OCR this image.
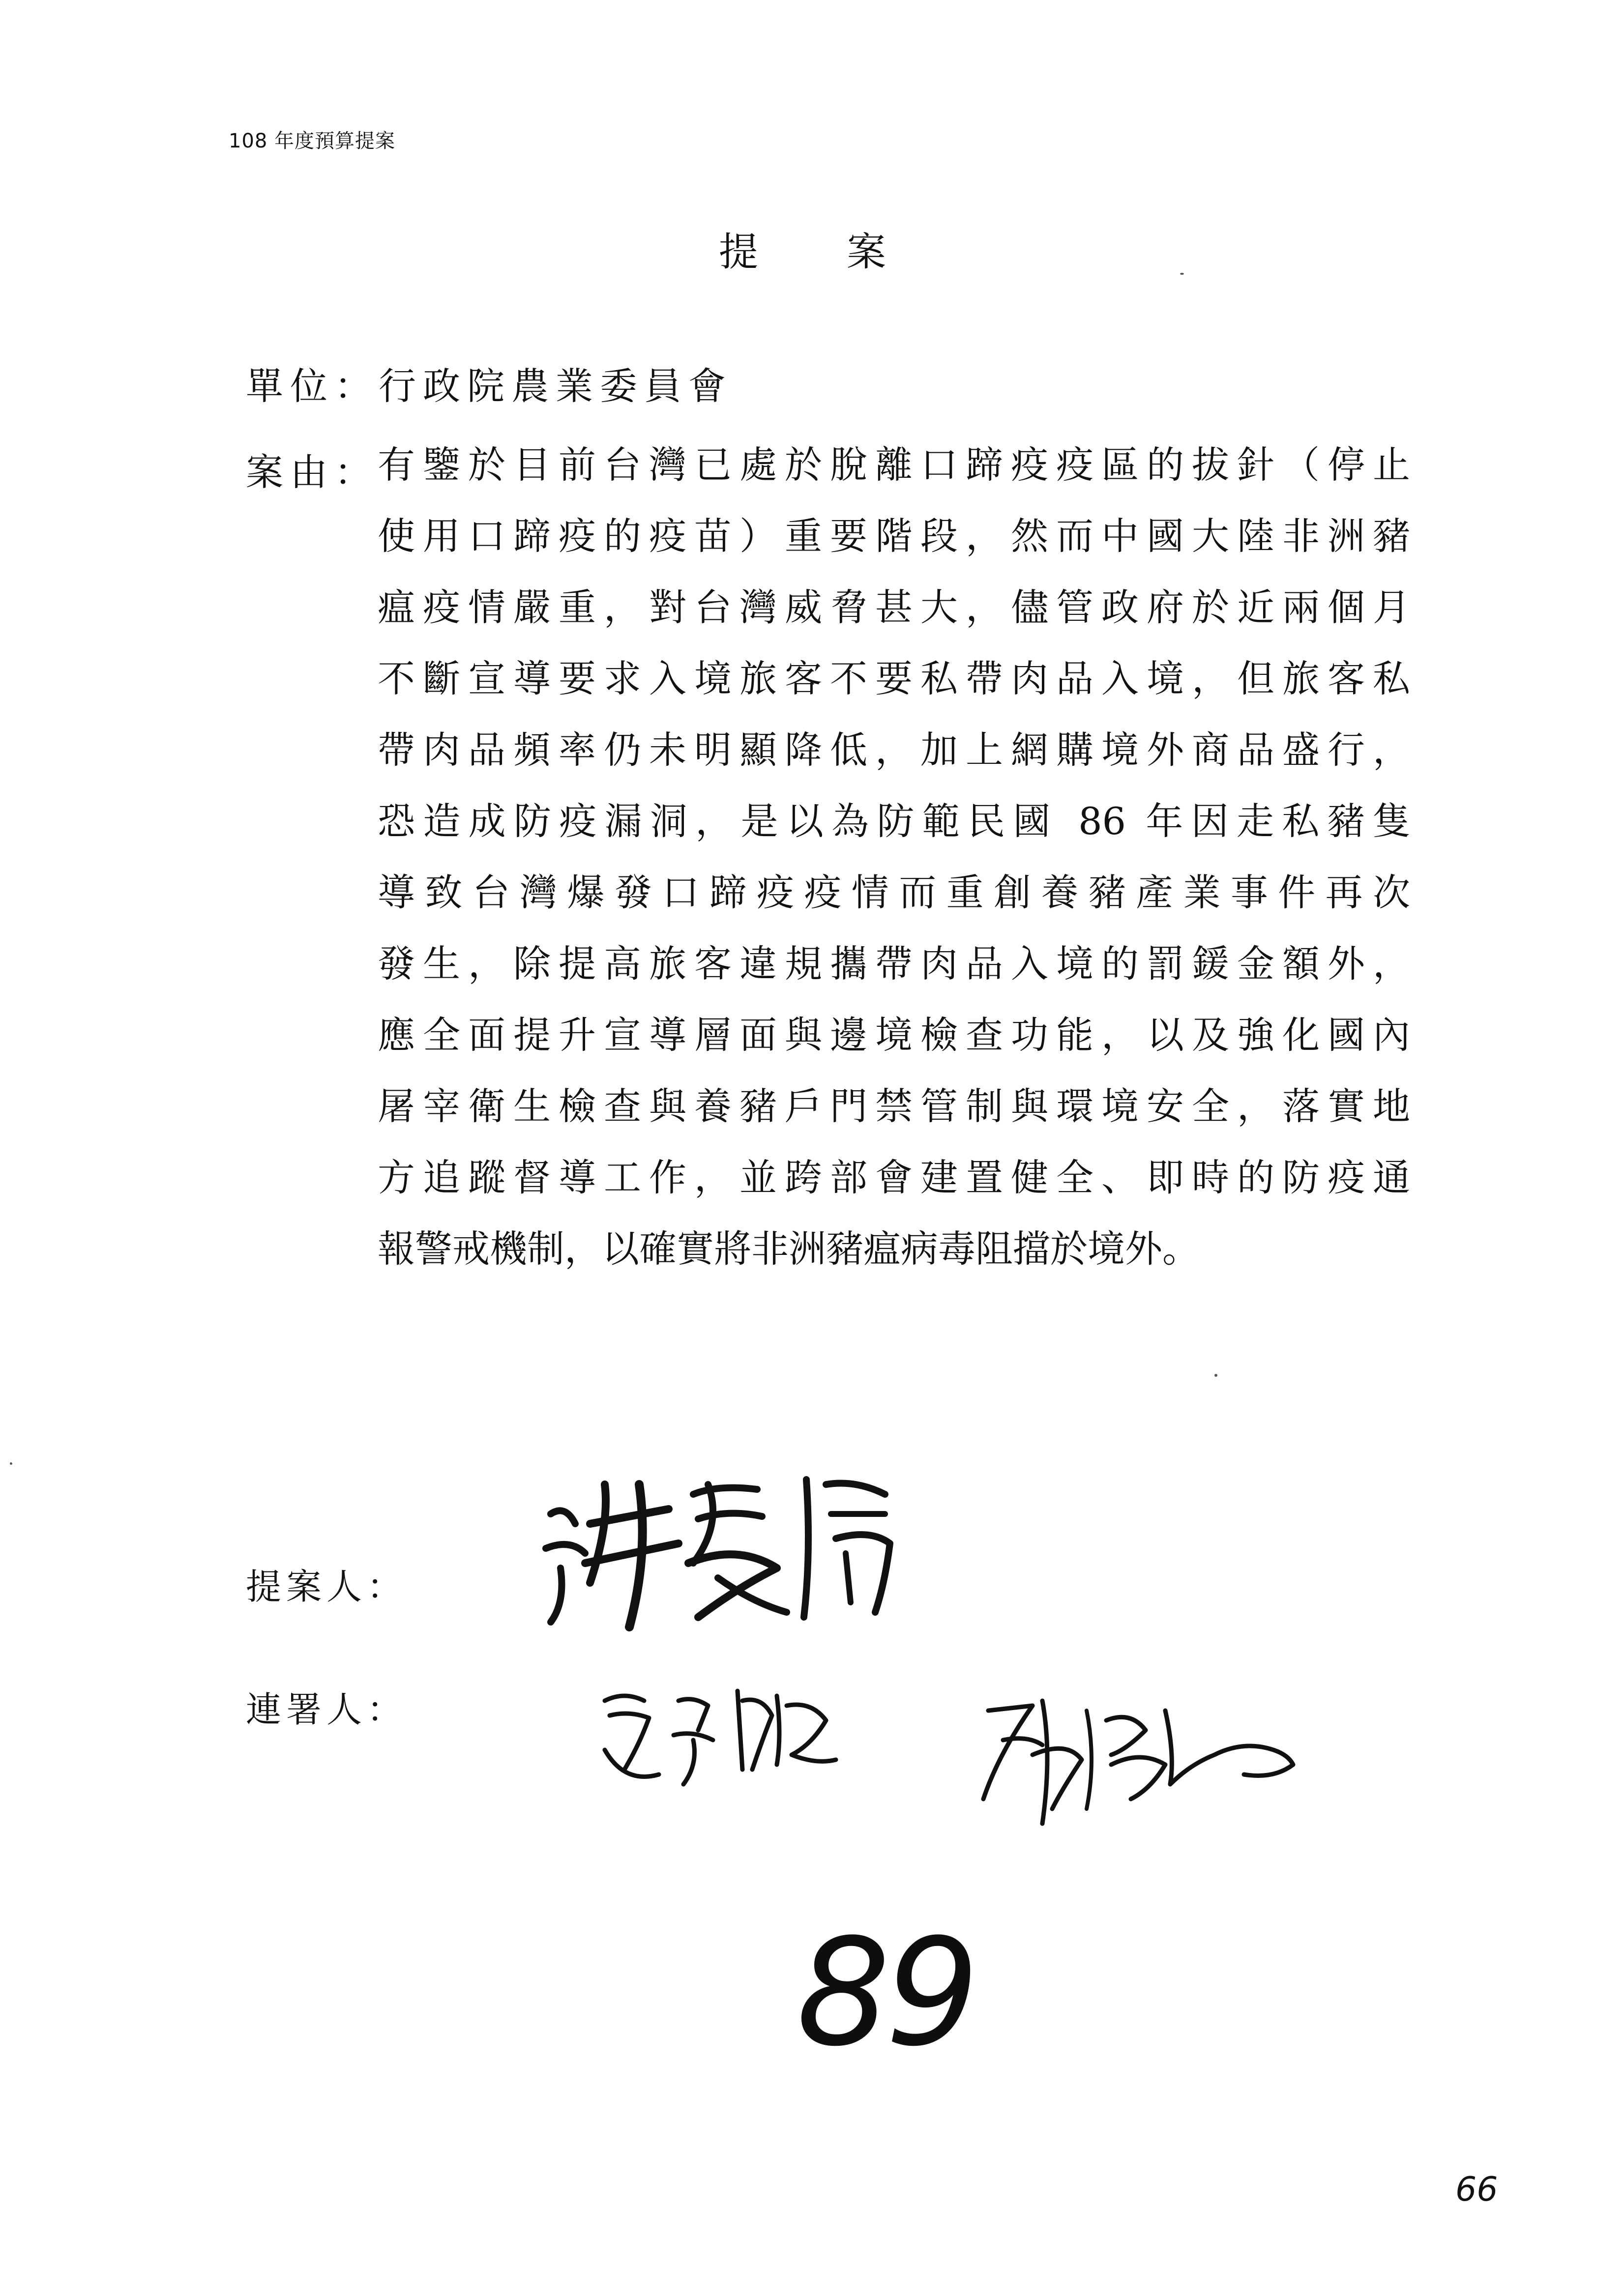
108 年度預算提案
提案
單位：行政院農業委員會
案由：
有鑒於目前台灣已處於脫離口蹄疫疫區的拔針（停止
使用口蹄疫的疫苗）重要階段，然而中國大陸非洲豬
瘟疫情嚴重，對台灣威脅甚大，儘管政府於近兩個月
不斷宣導要求入境旅客不要私帶肉品入境，但旅客私
帶肉品頻率仍未明顯降低，加上網購境外商品盛行，
恐造成防疫漏洞，是以為防範民國 86 年因走私豬隻
導致台灣爆發口蹄疫疫情而重創養豬產業事件再次
發生，除提高旅客違規攜帶肉品入境的罰鍰金額外，
應全面提升宣導層面與邊境檢查功能，以及強化國內
屠宰衛生檢查與養豬戶門禁管制與環境安全，落實地
方追蹤督導工作，並跨部會建置健全、即時的防疫通
報警戒機制，以確實將非洲豬瘟病毒阻擋於境外。
提案人：
連署人：
89
66
